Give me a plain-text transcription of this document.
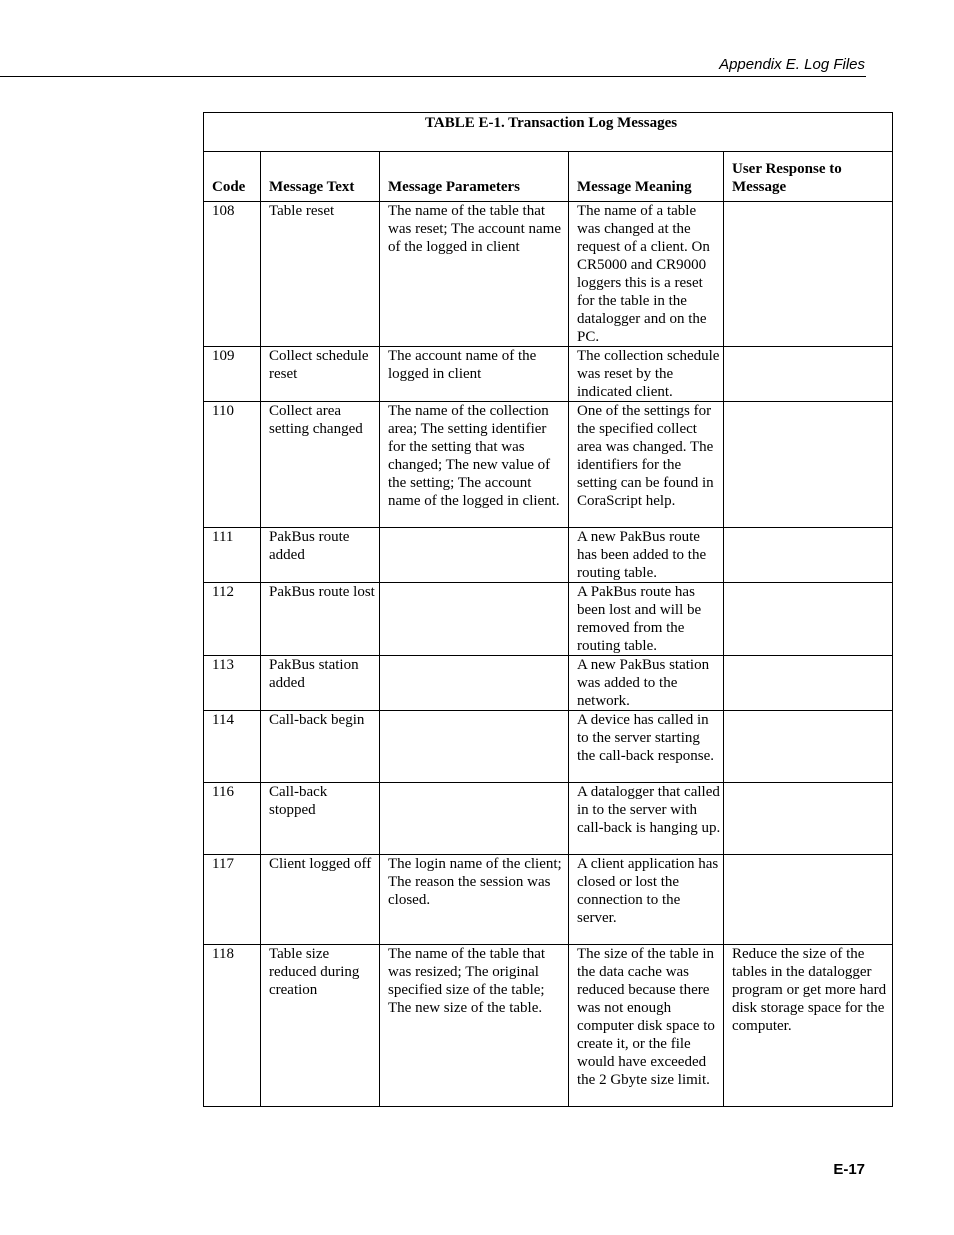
Appendix E. Log Files
TABLE E-1. Transaction Log Messages				
Code	Message Text	Message Parameters	Message Meaning	User Response to Message
108	Table reset	The name of the table that was reset; The account name of the logged in client	The name of a table was changed at the request of a client. On CR5000 and CR9000 loggers this is a reset for the table in the datalogger and on the PC.	
109	Collect schedule reset	The account name of the logged in client	The collection schedule was reset by the indicated client.	
110	Collect area setting changed	The name of the collection area; The setting identifier for the setting that was changed; The new value of the setting; The account name of the logged in client.	One of the settings for the specified collect area was changed. The identifiers for the setting can be found in CoraScript help.	
111	PakBus route added		A new PakBus route has been added to the routing table.	
112	PakBus route lost		A PakBus route has been lost and will be removed from the routing table.	
113	PakBus station added		A new PakBus station was added to the network.	
114	Call-back begin		A device has called in to the server starting the call-back response.	
116	Call-back stopped		A datalogger that called in to the server with call-back is hanging up.	
117	Client logged off	The login name of the client; The reason the session was closed.	A client application has closed or lost the connection to the server.	
118	Table size reduced during creation	The name of the table that was resized; The original specified size of the table; The new size of the table.	The size of the table in the data cache was reduced because there was not enough computer disk space to create it, or the file would have exceeded the 2 Gbyte size limit.	Reduce the size of the tables in the datalogger program or get more hard disk storage space for the computer.
E-17
